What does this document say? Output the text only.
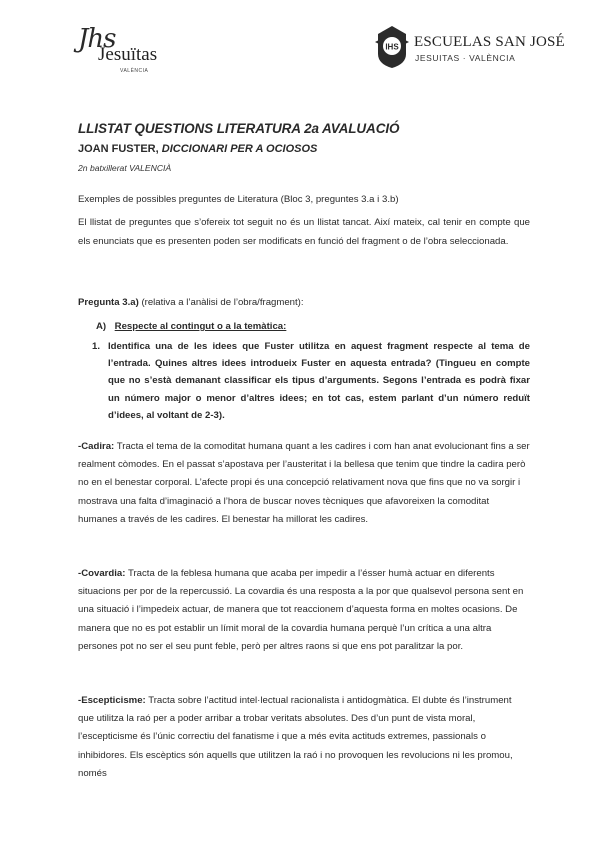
Jhs
Jesuïtas
VALÈNCIA
IHS ESCUELAS SAN JOSÉ
JESUITAS · VALÈNCIA
LLISTAT QUESTIONS LITERATURA 2a AVALUACIÓ
JOAN FUSTER, DICCIONARI PER A OCIOSOS
2n batxillerat VALENCIÀ
Exemples de possibles preguntes de Literatura (Bloc 3, preguntes 3.a i 3.b)
El llistat de preguntes que s’ofereix tot seguit no és un llistat tancat. Així mateix, cal tenir en compte que els enunciats que es presenten poden ser modificats en funció del fragment o de l’obra seleccionada.
Pregunta 3.a) (relativa a l’anàlisi de l’obra/fragment):
A) Respecte al contingut o a la temàtica:
1. Identifica una de les idees que Fuster utilitza en aquest fragment respecte al tema de l’entrada. Quines altres idees introdueix Fuster en aquesta entrada? (Tingueu en compte que no s’està demanant classificar els tipus d’arguments. Segons l’entrada es podrà fixar un número major o menor d’altres idees; en tot cas, estem parlant d’un número reduït d’idees, al voltant de 2-3).
-Cadira: Tracta el tema de la comoditat humana quant a les cadires i com han anat evolucionant fins a ser realment còmodes. En el passat s’apostava per l’austeritat i la bellesa que tenim que tindre la cadira però no en el benestar corporal. L’afecte propi és una concepció relativament nova que fins que no va sorgir i mostrava una falta d’imaginació a l’hora de buscar noves tècniques que afavoreixen la comoditat humanes a través de les cadires. El benestar ha millorat les cadires.
-Covardia: Tracta de la feblesa humana que acaba per impedir a l’ésser humà actuar en diferents situacions per por de la repercussió. La covardia és una resposta a la por que qualsevol persona sent en una situació i l’impedeix actuar, de manera que tot reaccionem d’aquesta forma en moltes ocasions. De manera que no es pot establir un límit moral de la covardia humana perquè l’un crítica a una altra persones pot no ser el seu punt feble, però per altres raons si que ens pot paralitzar la por.
-Escepticisme: Tracta sobre l’actitud intel·lectual racionalista i antidogmàtica. El dubte és l’instrument que utilitza la raó per a poder arribar a trobar veritats absolutes. Des d’un punt de vista moral, l’escepticisme és l’únic correctiu del fanatisme i que a més evita actituds extremes, passionals o inhibidores. Els escèptics són aquells que utilitzen la raó i no provoquen les revolucions ni les promou, només
